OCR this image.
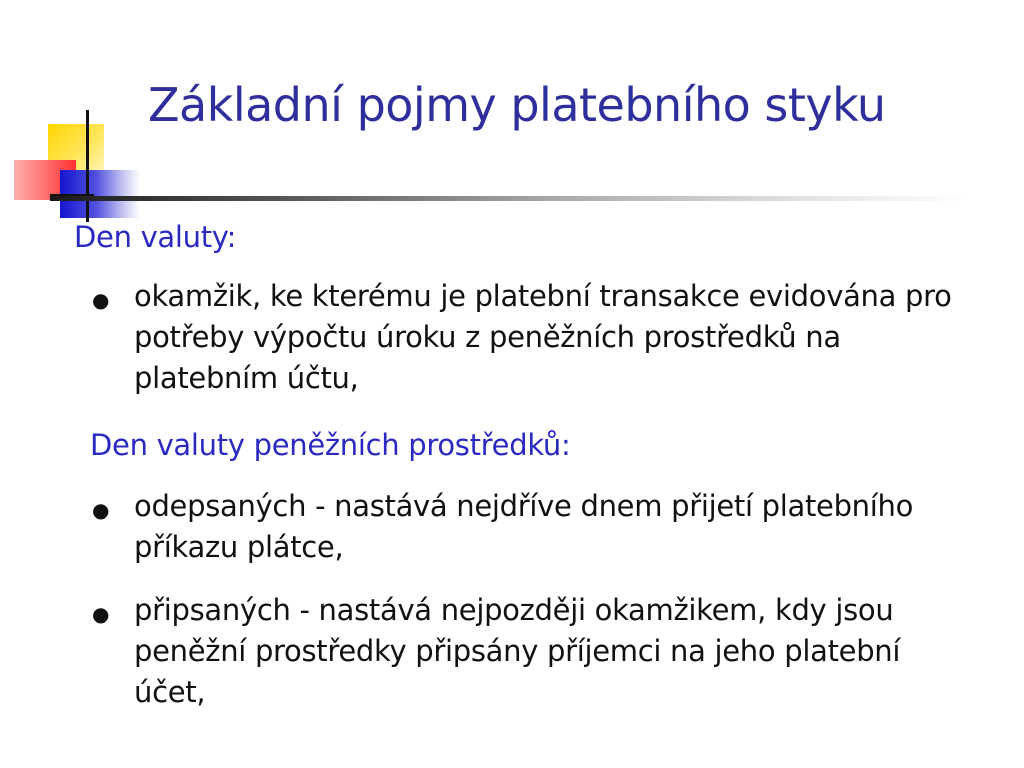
Základní pojmy platebního styku
Den valuty:
● okamžik, ke kterému je platební transakce evidována pro potřeby výpočtu úroku z peněžních prostředků na platebním účtu,
Den valuty peněžních prostředků:
● odepsaných - nastává nejdříve dnem přijetí platebního příkazu plátce,
● připsaných - nastává nejpozději okamžikem, kdy jsou peněžní prostředky připsány příjemci na jeho platební účet,
